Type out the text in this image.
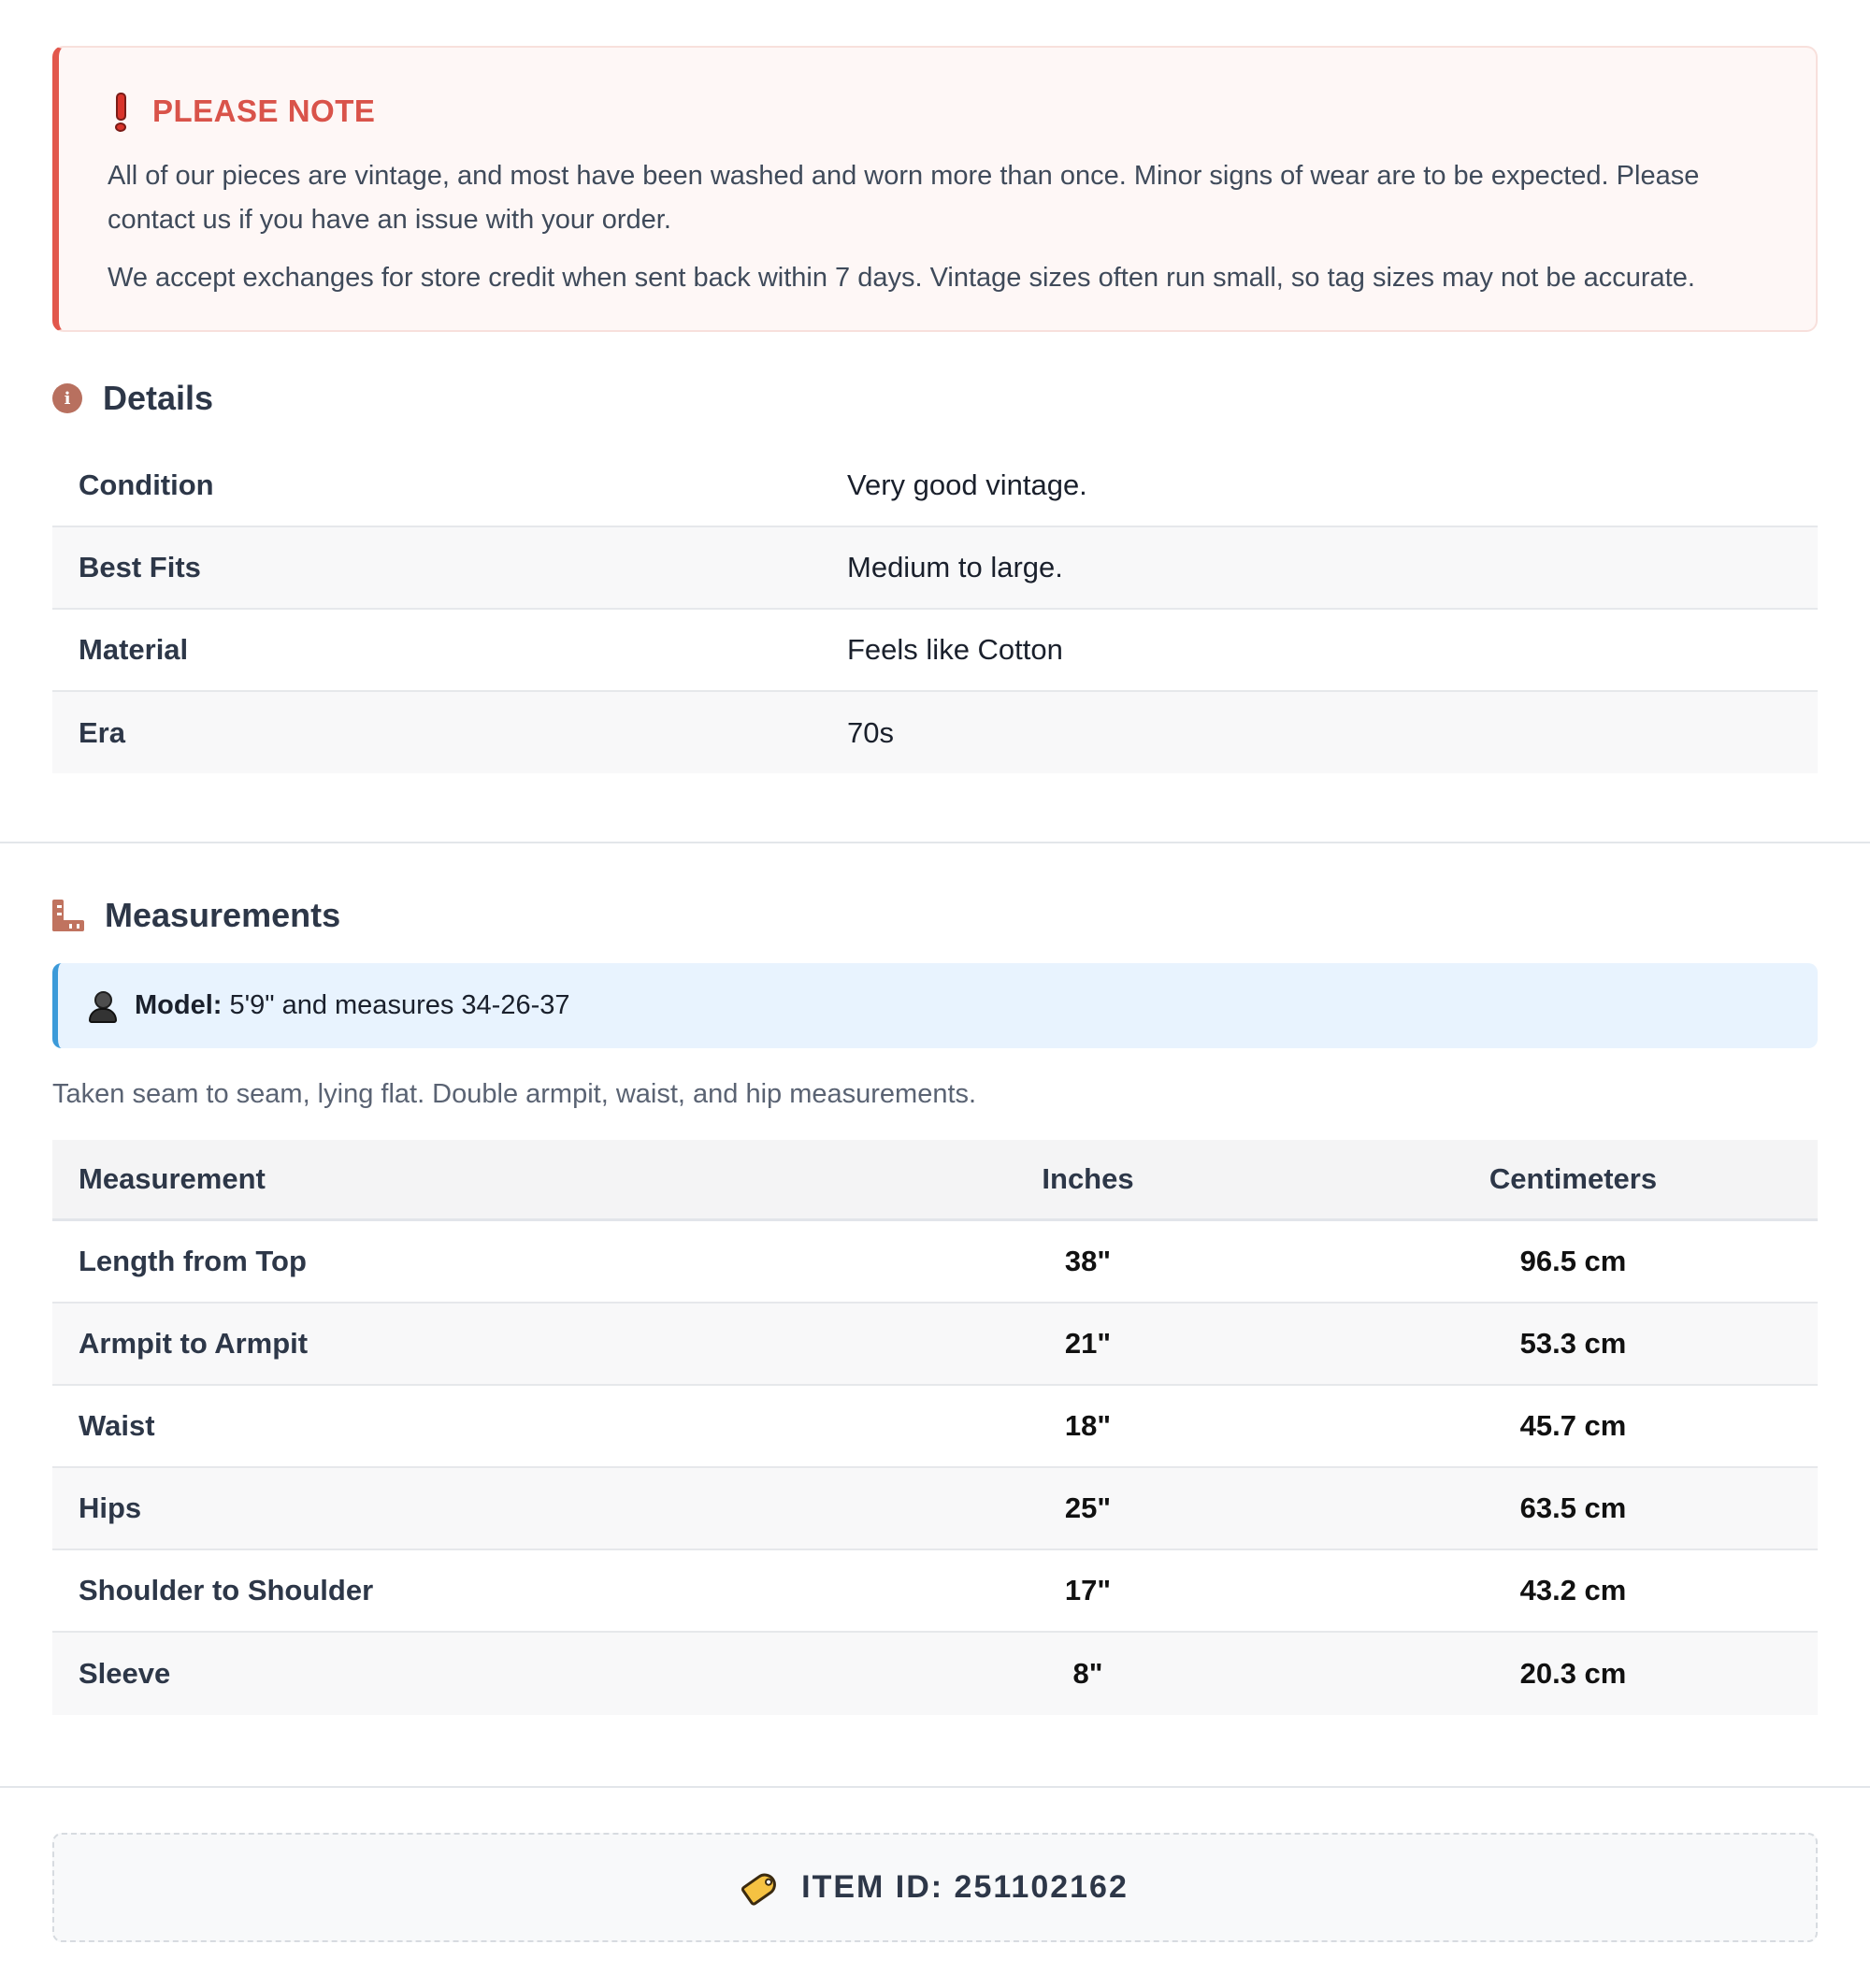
PLEASE NOTE

All of our pieces are vintage, and most have been washed and worn more than once. Minor signs of wear are to be expected. Please contact us if you have an issue with your order.

We accept exchanges for store credit when sent back within 7 days. Vintage sizes often run small, so tag sizes may not be accurate.

i Details
Condition	Very good vintage.
Best Fits	Medium to large.
Material	Feels like Cotton
Era	70s
Measurements
Model: 5'9" and measures 34-26-37

Taken seam to seam, lying flat. Double armpit, waist, and hip measurements.

Measurement	Inches	Centimeters
Length from Top	38"	96.5 cm
Armpit to Armpit	21"	53.3 cm
Waist	18"	45.7 cm
Hips	25"	63.5 cm
Shoulder to Shoulder	17"	43.2 cm
Sleeve	8"	20.3 cm
ITEM ID: 251102162
